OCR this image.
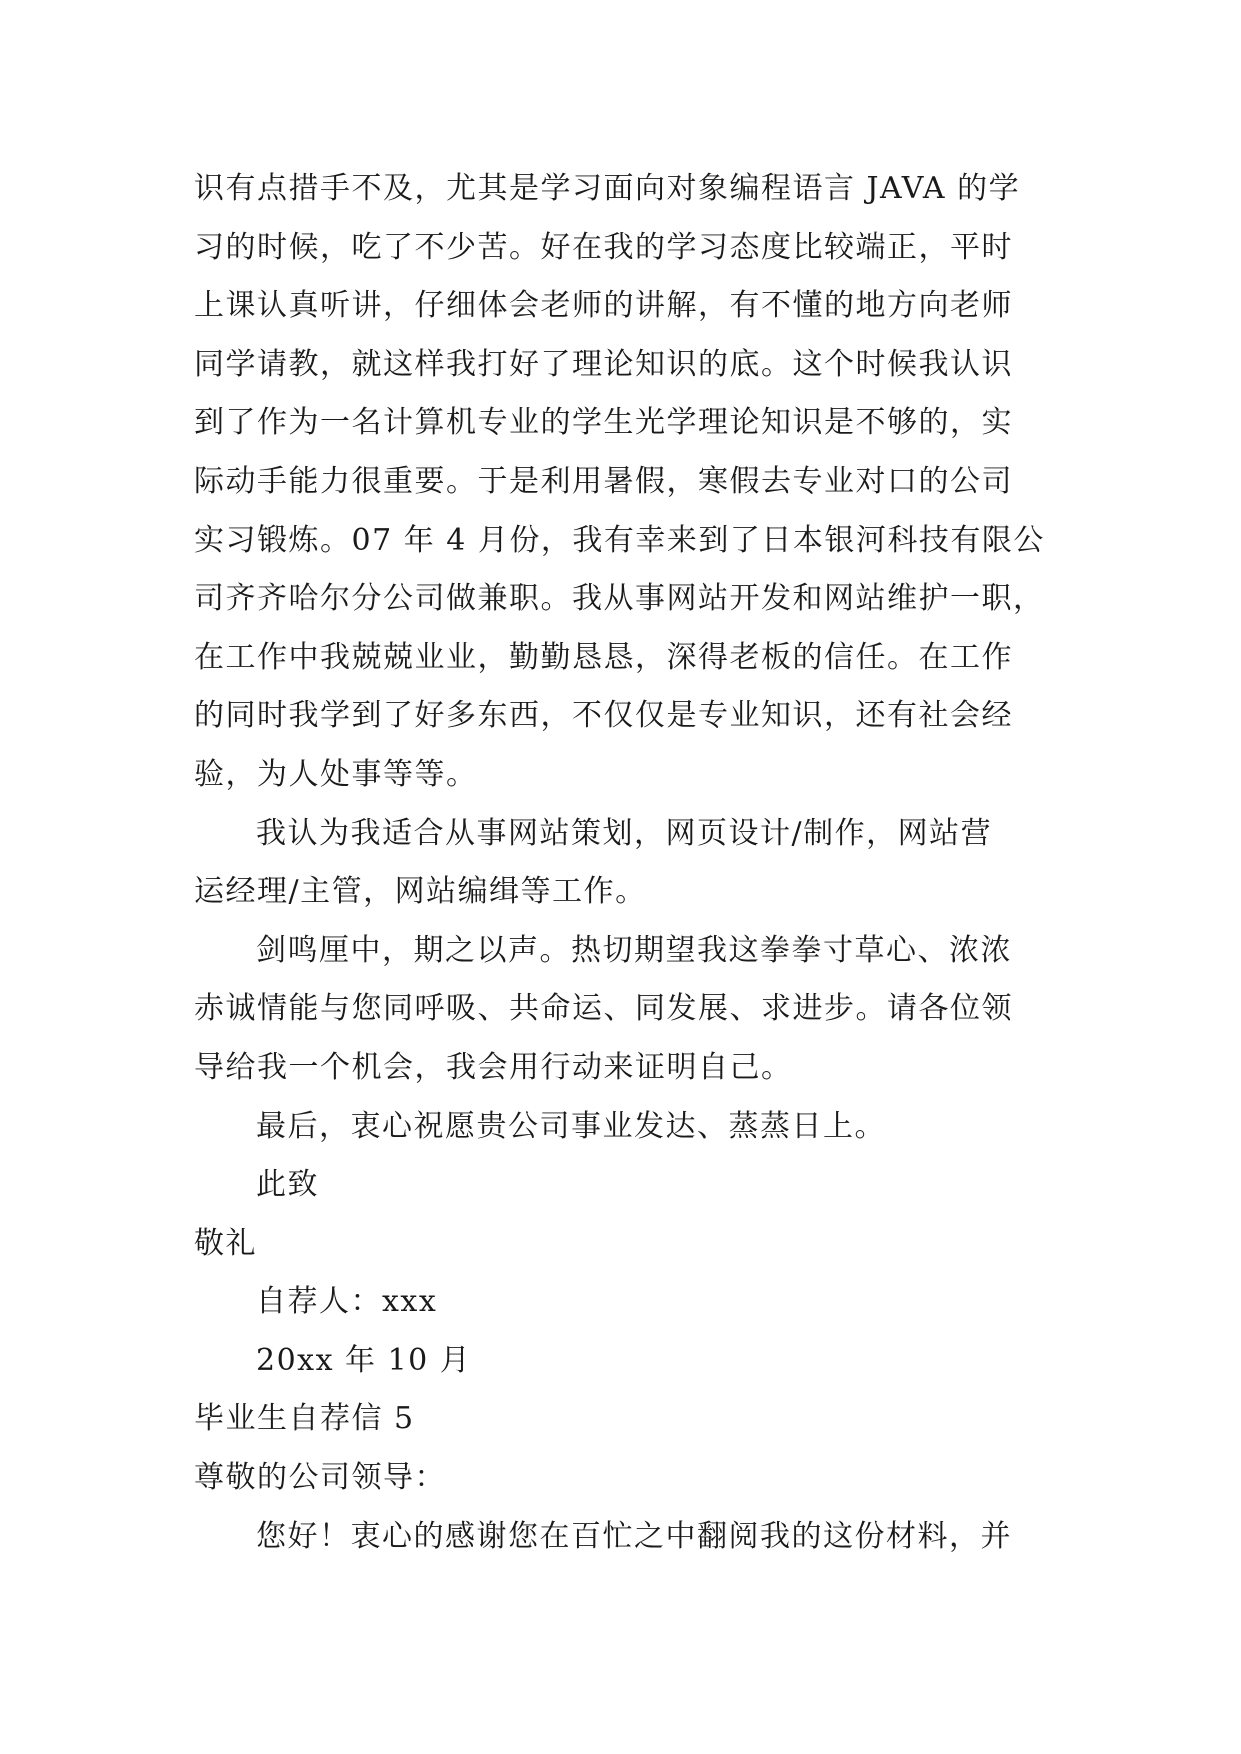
识有点措手不及，尤其是学习面向对象编程语言 JAVA 的学
习的时候，吃了不少苦。好在我的学习态度比较端正，平时
上课认真听讲，仔细体会老师的讲解，有不懂的地方向老师
同学请教，就这样我打好了理论知识的底。这个时候我认识
到了作为一名计算机专业的学生光学理论知识是不够的，实
际动手能力很重要。于是利用暑假，寒假去专业对口的公司
实习锻炼。07 年 4 月份，我有幸来到了日本银河科技有限公
司齐齐哈尔分公司做兼职。我从事网站开发和网站维护一职，
在工作中我兢兢业业，勤勤恳恳，深得老板的信任。在工作
的同时我学到了好多东西，不仅仅是专业知识，还有社会经
验，为人处事等等。
我认为我适合从事网站策划，网页设计/制作，网站营
运经理/主管，网站编缉等工作。
剑鸣厘中，期之以声。热切期望我这拳拳寸草心、浓浓
赤诚情能与您同呼吸、共命运、同发展、求进步。请各位领
导给我一个机会，我会用行动来证明自己。
最后，衷心祝愿贵公司事业发达、蒸蒸日上。
此致
敬礼
自荐人：xxx
20xx 年 10 月
毕业生自荐信 5
尊敬的公司领导：
您好！衷心的感谢您在百忙之中翻阅我的这份材料，并
